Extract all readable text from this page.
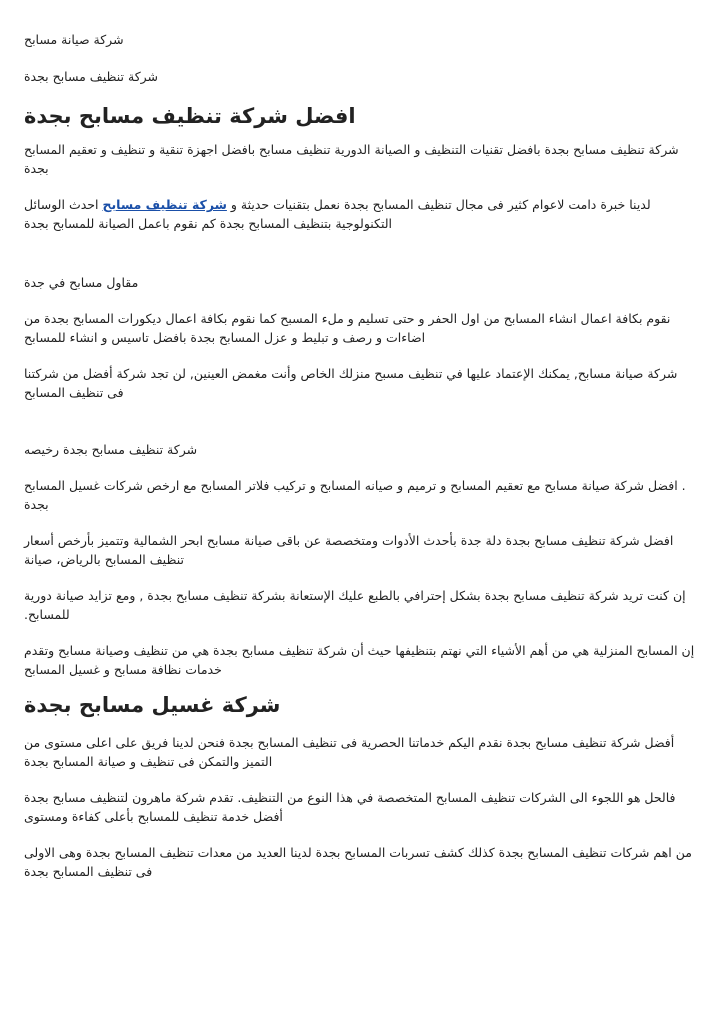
شركة صيانة مسابح

شركة تنظيف مسابح بجدة

افضل شركة تنظيف مسابح بجدة

شركة تنظيف مسابح بجدة بافضل تقنيات التنظيف و الصيانة الدورية تنظيف مسابح بافضل اجهزة تنقية و تنظيف و تعقيم المسابح بجدة

لدينا خبرة دامت لاعوام كثير فى مجال تنظيف المسابح بجدة نعمل بتقنيات حديثة و شركة تنظيف مسابح احدث الوسائل التكنولوجية بتنظيف المسابح بجدة كم نقوم باعمل الصيانة للمسابح بجدة

مقاول مسابح في جدة

نقوم بكافة اعمال انشاء المسابح من اول الحفر و حتى تسليم و ملء المسبح كما نقوم بكافة اعمال ديكورات المسابح بجدة من اضاءات و رصف و تبليط و عزل المسابح بجدة بافضل تاسيس و انشاء للمسابح

شركة صيانة مسابح, يمكنك الإعتماد عليها في تنظيف مسبح منزلك الخاص وأنت مغمض العينين, لن تجد شركة أفضل من شركتنا فى تنظيف المسابح

شركة تنظيف مسابح بجدة رخيصه

. افضل شركة صيانة مسابح مع تعقيم المسابح و ترميم و صيانه المسابح و تركيب فلاتر المسابح مع ارخص شركات غسيل المسابح بجدة

افضل شركة تنظيف مسابح بجدة دلة جدة بأحدث الأدوات ومتخصصة عن باقى صيانة مسابح ابحر الشمالية وتتميز بأرخص أسعار تنظيف المسابح بالرياض، صيانة

إن كنت تريد شركة تنظيف مسابح بجدة بشكل إحترافي بالطبع عليك الإستعانة بشركة تنظيف مسابح بجدة , ومع تزايد صيانة دورية للمسابح.

إن المسابح المنزلية هي من أهم الأشياء التي نهتم بتنظيفها حيث أن شركة تنظيف مسابح بجدة هي من تنظيف وصيانة مسابح وتقدم خدمات نظافة مسابح و غسيل المسابح

شركة غسيل مسابح بجدة

أفضل شركة تنظيف مسابح بجدة نقدم اليكم خدماتنا الحصرية فى تنظيف المسابح بجدة فنحن لدينا فريق على اعلى مستوى من التميز والتمكن فى تنظيف و صيانة المسابح بجدة

فالحل هو اللجوء الى الشركات تنظيف المسابح المتخصصة في هذا النوع من التنظيف. تقدم شركة ماهرون لتنظيف مسابح بجدة أفضل خدمة تنظيف للمسابح بأعلى كفاءة ومستوى

من اهم شركات تنظيف المسابح بجدة كذلك كشف تسربات المسابح بجدة لدينا العديد من معدات تنظيف المسابح بجدة وهى الاولى فى تنظيف المسابح بجدة
